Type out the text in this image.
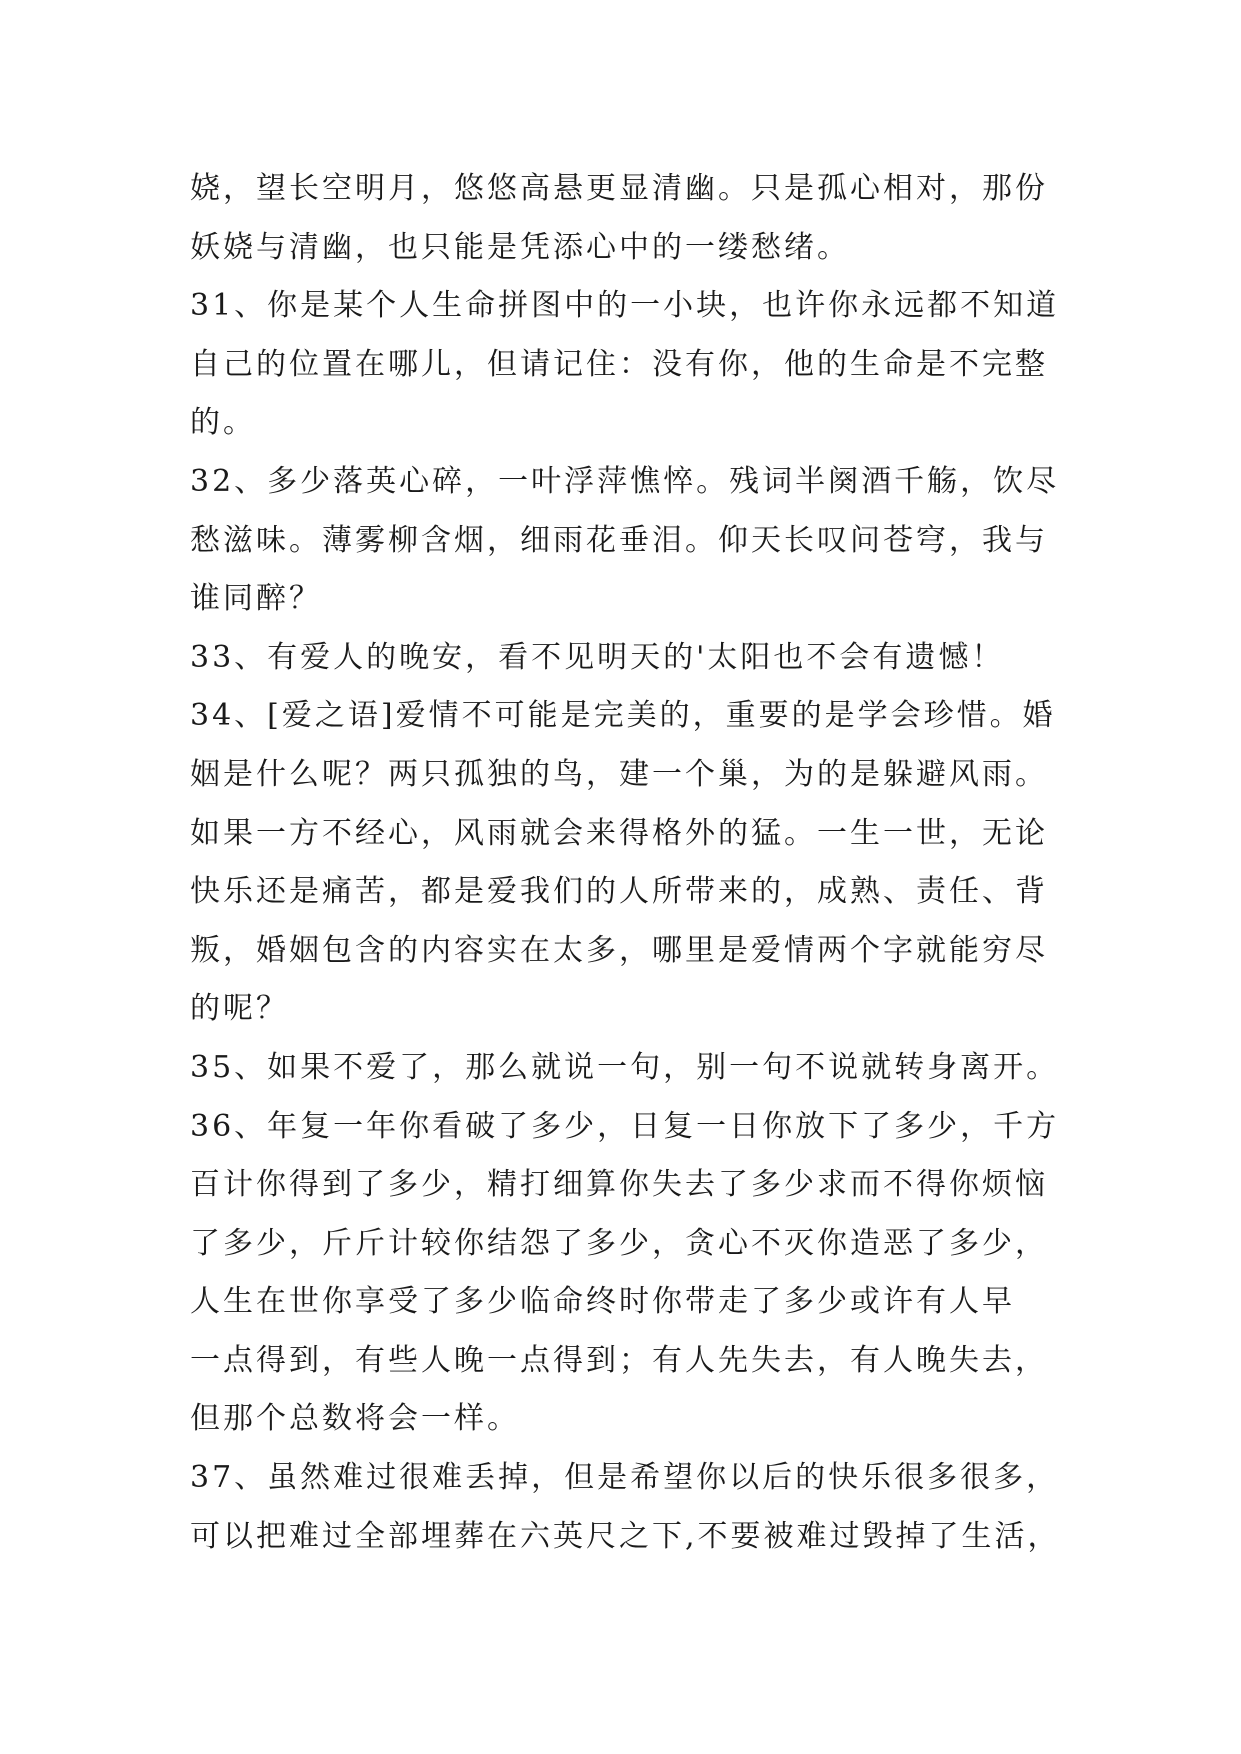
娆，望长空明月，悠悠高悬更显清幽。只是孤心相对，那份
妖娆与清幽，也只能是凭添心中的一缕愁绪。
31、你是某个人生命拼图中的一小块，也许你永远都不知道
自己的位置在哪儿，但请记住：没有你，他的生命是不完整
的。
32、多少落英心碎，一叶浮萍憔悴。残词半阕酒千觞，饮尽
愁滋味。薄雾柳含烟，细雨花垂泪。仰天长叹问苍穹，我与
谁同醉？
33、有爱人的晚安，看不见明天的'太阳也不会有遗憾！
34、[爱之语]爱情不可能是完美的，重要的是学会珍惜。婚
姻是什么呢？两只孤独的鸟，建一个巢，为的是躲避风雨。
如果一方不经心，风雨就会来得格外的猛。一生一世，无论
快乐还是痛苦，都是爱我们的人所带来的，成熟、责任、背
叛，婚姻包含的内容实在太多，哪里是爱情两个字就能穷尽
的呢？
35、如果不爱了，那么就说一句，别一句不说就转身离开。
36、年复一年你看破了多少，日复一日你放下了多少，千方
百计你得到了多少，精打细算你失去了多少求而不得你烦恼
了多少，斤斤计较你结怨了多少，贪心不灭你造恶了多少，
人生在世你享受了多少临命终时你带走了多少或许有人早
一点得到，有些人晚一点得到；有人先失去，有人晚失去，
但那个总数将会一样。
37、虽然难过很难丢掉，但是希望你以后的快乐很多很多，
可以把难过全部埋葬在六英尺之下,不要被难过毁掉了生活，
